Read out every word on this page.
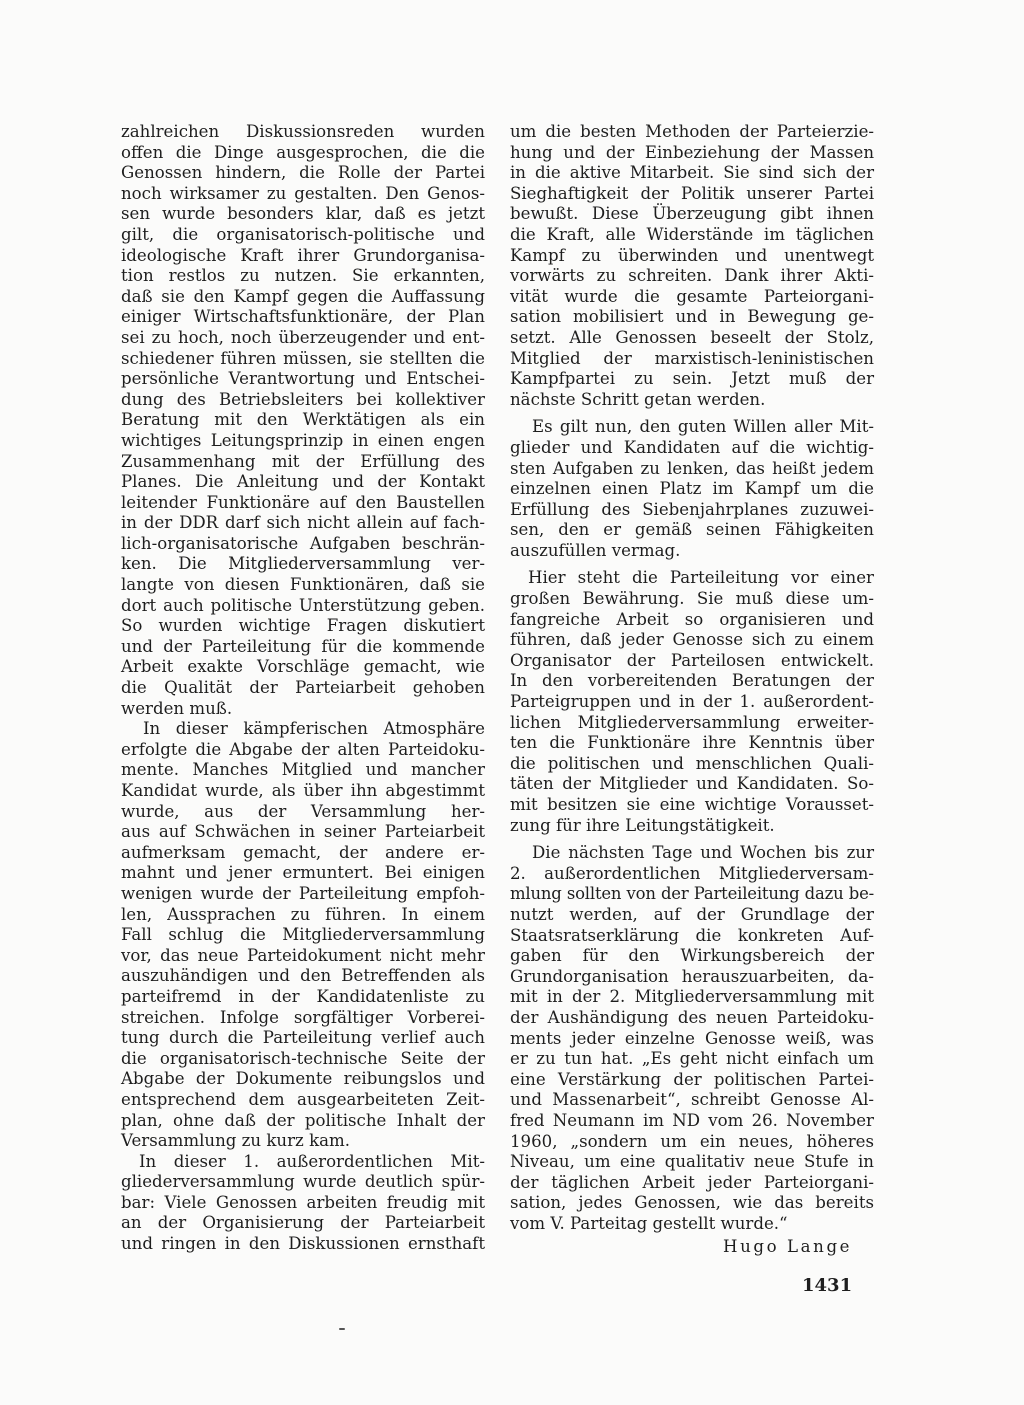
zahlreichen Diskussionsreden wurden

offen die Dinge ausgesprochen, die die

Genossen hindern, die Rolle der Partei

noch wirksamer zu gestalten. Den Genos-

sen wurde besonders klar, daß es jetzt

gilt, die organisatorisch-politische und

ideologische Kraft ihrer Grundorganisa-

tion restlos zu nutzen. Sie erkannten,

daß sie den Kampf gegen die Auffassung

einiger Wirtschaftsfunktionäre, der Plan

sei zu hoch, noch überzeugender und ent-

schiedener führen müssen, sie stellten die

persönliche Verantwortung und Entschei-

dung des Betriebsleiters bei kollektiver

Beratung mit den Werktätigen als ein

wichtiges Leitungsprinzip in einen engen

Zusammenhang mit der Erfüllung des

Planes. Die Anleitung und der Kontakt

leitender Funktionäre auf den Baustellen

in der DDR darf sich nicht allein auf fach-

lich-organisatorische Aufgaben beschrän-

ken. Die Mitgliederversammlung ver-

langte von diesen Funktionären, daß sie

dort auch politische Unterstützung geben.

So wurden wichtige Fragen diskutiert

und der Parteileitung für die kommende

Arbeit exakte Vorschläge gemacht, wie

die Qualität der Parteiarbeit gehoben

werden muß.

In dieser kämpferischen Atmosphäre

erfolgte die Abgabe der alten Parteidoku-

mente. Manches Mitglied und mancher

Kandidat wurde, als über ihn abgestimmt

wurde, aus der Versammlung her-

aus auf Schwächen in seiner Parteiarbeit

aufmerksam gemacht, der andere er-

mahnt und jener ermuntert. Bei einigen

wenigen wurde der Parteileitung empfoh-

len, Aussprachen zu führen. In einem

Fall schlug die Mitgliederversammlung

vor, das neue Parteidokument nicht mehr

auszuhändigen und den Betreffenden als

parteifremd in der Kandidatenliste zu

streichen. Infolge sorgfältiger Vorberei-

tung durch die Parteileitung verlief auch

die organisatorisch-technische Seite der

Abgabe der Dokumente reibungslos und

entsprechend dem ausgearbeiteten Zeit-

plan, ohne daß der politische Inhalt der

Versammlung zu kurz kam.

In dieser 1. außerordentlichen Mit-

gliederversammlung wurde deutlich spür-

bar: Viele Genossen arbeiten freudig mit

an der Organisierung der Parteiarbeit

und ringen in den Diskussionen ernsthaft

um die besten Methoden der Parteierzie-

hung und der Einbeziehung der Massen

in die aktive Mitarbeit. Sie sind sich der

Sieghaftigkeit der Politik unserer Partei

bewußt. Diese Überzeugung gibt ihnen

die Kraft, alle Widerstände im täglichen

Kampf zu überwinden und unentwegt

vorwärts zu schreiten. Dank ihrer Akti-

vität wurde die gesamte Parteiorgani-

sation mobilisiert und in Bewegung ge-

setzt. Alle Genossen beseelt der Stolz,

Mitglied der marxistisch-leninistischen

Kampfpartei zu sein. Jetzt muß der

nächste Schritt getan werden.

Es gilt nun, den guten Willen aller Mit-

glieder und Kandidaten auf die wichtig-

sten Aufgaben zu lenken, das heißt jedem

einzelnen einen Platz im Kampf um die

Erfüllung des Siebenjahrplanes zuzuwei-

sen, den er gemäß seinen Fähigkeiten

auszufüllen vermag.

Hier steht die Parteileitung vor einer

großen Bewährung. Sie muß diese um-

fangreiche Arbeit so organisieren und

führen, daß jeder Genosse sich zu einem

Organisator der Parteilosen entwickelt.

In den vorbereitenden Beratungen der

Parteigruppen und in der 1. außerordent-

lichen Mitgliederversammlung erweiter-

ten die Funktionäre ihre Kenntnis über

die politischen und menschlichen Quali-

täten der Mitglieder und Kandidaten. So-

mit besitzen sie eine wichtige Vorausset-

zung für ihre Leitungstätigkeit.

Die nächsten Tage und Wochen bis zur

2. außerordentlichen Mitgliederversam-

mlung sollten von der Parteileitung dazu be-

nutzt werden, auf der Grundlage der

Staatsratserklärung die konkreten Auf-

gaben für den Wirkungsbereich der

Grundorganisation herauszuarbeiten, da-

mit in der 2. Mitgliederversammlung mit

der Aushändigung des neuen Parteidoku-

ments jeder einzelne Genosse weiß, was

er zu tun hat. „Es geht nicht einfach um

eine Verstärkung der politischen Partei-

und Massenarbeit“, schreibt Genosse Al-

fred Neumann im ND vom 26. November

1960, „sondern um ein neues, höheres

Niveau, um eine qualitativ neue Stufe in

der täglichen Arbeit jeder Parteiorgani-

sation, jedes Genossen, wie das bereits

vom V. Parteitag gestellt wurde.“

Hugo Lange
1431
